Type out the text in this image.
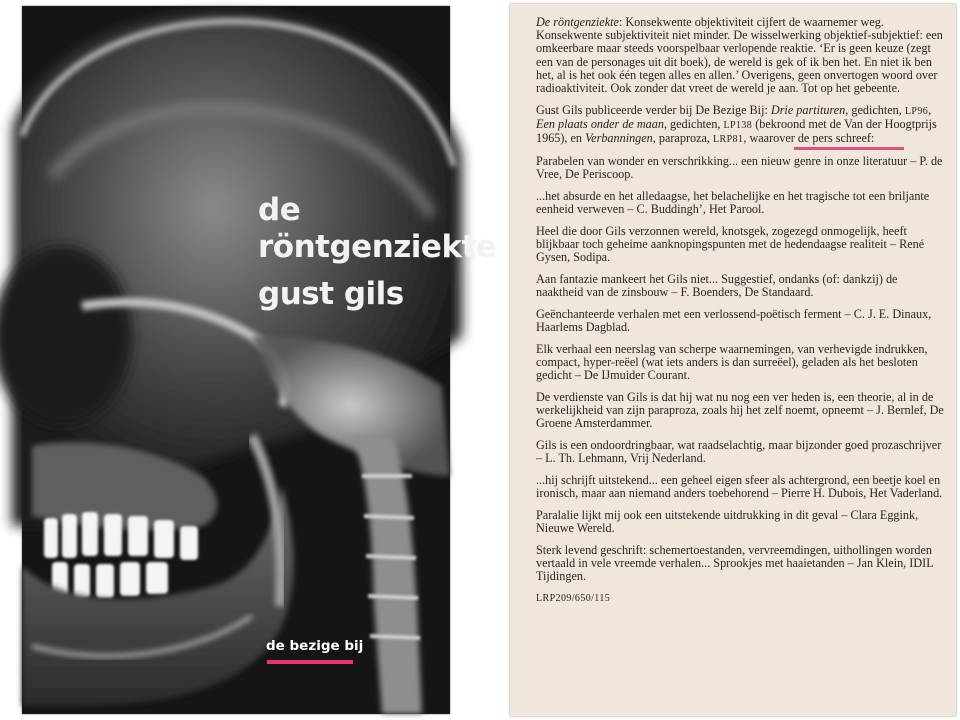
de
röntgenziekte
gust gils
de bezige bij

De röntgenziekte: Konsekwente objektiviteit cijfert de waarnemer weg. Konsekwente subjektiviteit niet minder. De wisselwerking objektief-subjektief: een omkeerbare maar steeds voorspelbaar verlopende reaktie. ‘Er is geen keuze (zegt een van de personages uit dit boek), de wereld is gek of ik ben het. En niet ik ben het, al is het ook één tegen alles en allen.’ Overigens, geen onvertogen woord over radioaktiviteit. Ook zonder dat vreet de wereld je aan. Tot op het gebeente.

Gust Gils publiceerde verder bij De Bezige Bij: Drie partituren, gedichten, LP96, Een plaats onder de maan, gedichten, LP138 (bekroond met de Van der Hoogtprijs 1965), en Verbanningen, paraproza, LRP81, waarover de pers schreef:

Parabelen van wonder en verschrikking... een nieuw genre in onze literatuur – P. de Vree, De Periscoop.

...het absurde en het alledaagse, het belachelijke en het tragische tot een briljante eenheid verweven – C. Buddingh’, Het Parool.

Heel die door Gils verzonnen wereld, knotsgek, zogezegd onmogelijk, heeft blijkbaar toch geheime aanknopingspunten met de hedendaagse realiteit – René Gysen, Sodipa.

Aan fantazie mankeert het Gils niet... Suggestief, ondanks (of: dankzij) de naaktheid van de zinsbouw – F. Boenders, De Standaard.

Geënchanteerde verhalen met een verlossend-poëtisch ferment – C. J. E. Dinaux, Haarlems Dagblad.

Elk verhaal een neerslag van scherpe waarnemingen, van verhevigde indrukken, compact, hyper-reëel (wat iets anders is dan surreëel), geladen als het besloten gedicht – De IJmuider Courant.

De verdienste van Gils is dat hij wat nu nog een ver heden is, een theorie, al in de werkelijkheid van zijn paraproza, zoals hij het zelf noemt, opneemt – J. Bernlef, De Groene Amsterdammer.

Gils is een ondoordringbaar, wat raadselachtig, maar bijzonder goed prozaschrijver – L. Th. Lehmann, Vrij Nederland.

...hij schrijft uitstekend... een geheel eigen sfeer als achtergrond, een beetje koel en ironisch, maar aan niemand anders toebehorend – Pierre H. Dubois, Het Vaderland.

Paralalie lijkt mij ook een uitstekende uitdrukking in dit geval – Clara Eggink, Nieuwe Wereld.

Sterk levend geschrift: schemertoestanden, vervreemdingen, uithollingen worden vertaald in vele vreemde verhalen... Sprookjes met haaietanden – Jan Klein, IDIL Tijdingen.

LRP209/650/115
